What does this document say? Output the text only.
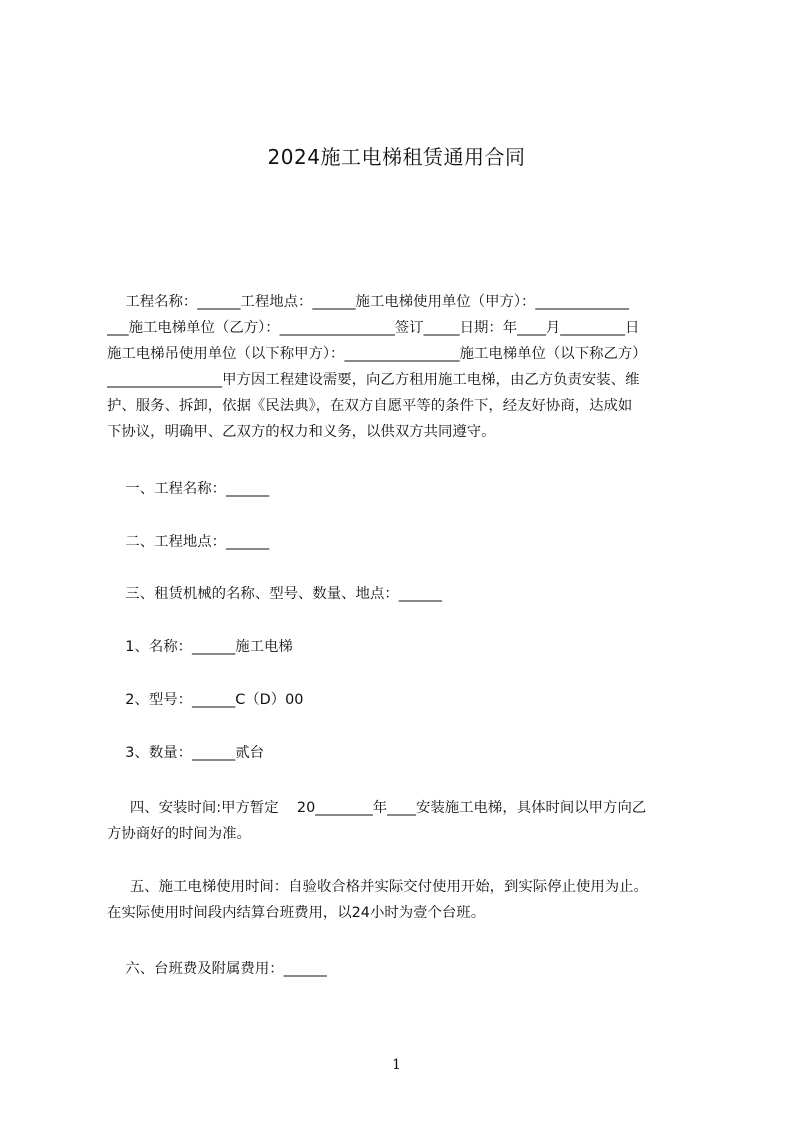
2024施工电梯租赁通用合同
工程名称：______工程地点：______施工电梯使用单位（甲方）：_____________
___施工电梯单位（乙方）：________________签订_____日期：年____月_________日
施工电梯吊使用单位（以下称甲方）：________________施工电梯单位（以下称乙方）
________________甲方因工程建设需要，向乙方租用施工电梯，由乙方负责安装、维
护、服务、拆卸，依据《民法典》，在双方自愿平等的条件下，经友好协商，达成如
下协议，明确甲、乙双方的权力和义务，以供双方共同遵守。
一、工程名称：______
二、工程地点：______
三、租赁机械的名称、型号、数量、地点：______
1、名称：______施工电梯
2、型号：______C（D）00
3、数量：______贰台
四、安装时间:甲方暂定    20________年____安装施工电梯，具体时间以甲方向乙
方协商好的时间为准。
五、施工电梯使用时间：自验收合格并实际交付使用开始，到实际停止使用为止。
在实际使用时间段内结算台班费用，以24小时为壹个台班。
六、台班费及附属费用：______
1
